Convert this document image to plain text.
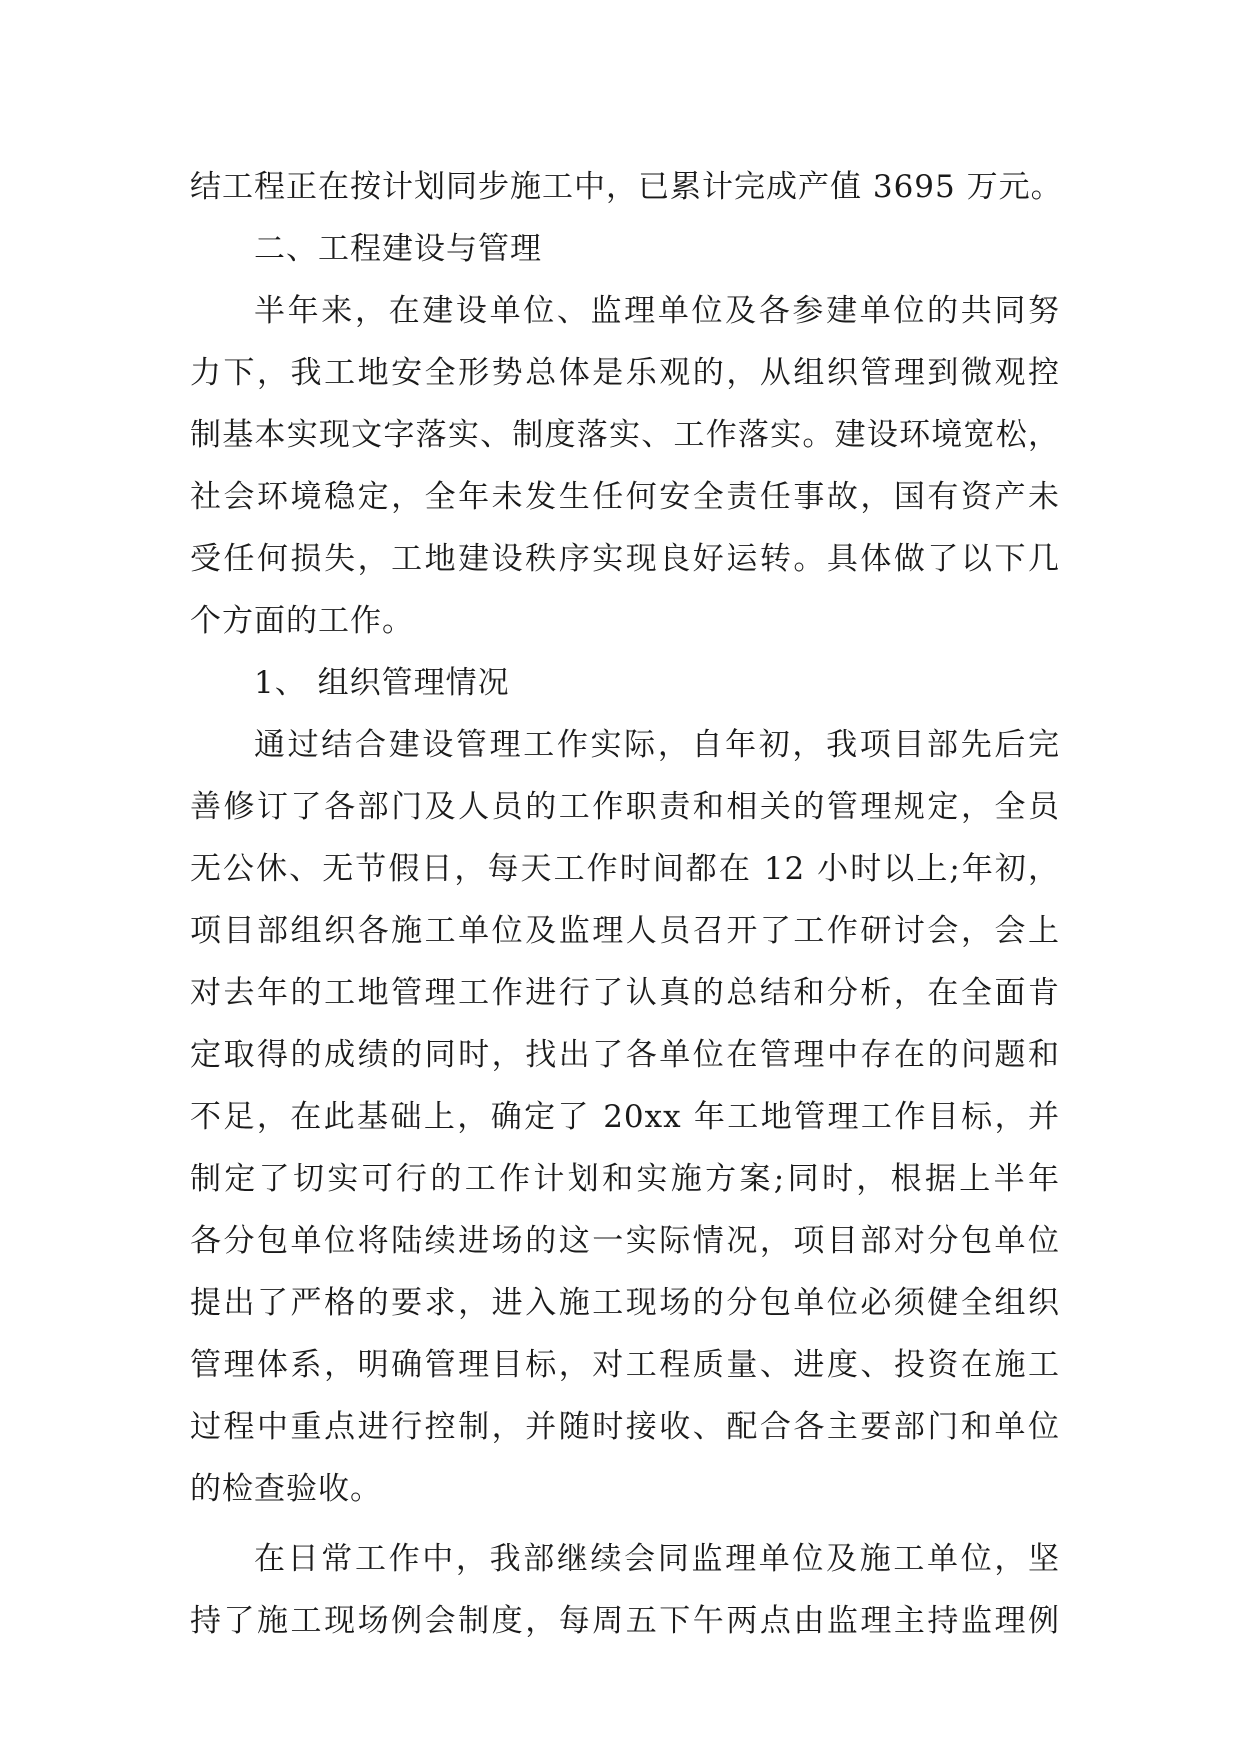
结工程正在按计划同步施工中，已累计完成产值 3695 万元。
二、工程建设与管理
半年来，在建设单位、监理单位及各参建单位的共同努
力下，我工地安全形势总体是乐观的，从组织管理到微观控
制基本实现文字落实、制度落实、工作落实。建设环境宽松，
社会环境稳定，全年未发生任何安全责任事故，国有资产未
受任何损失，工地建设秩序实现良好运转。具体做了以下几
个方面的工作。
1、 组织管理情况
通过结合建设管理工作实际，自年初，我项目部先后完
善修订了各部门及人员的工作职责和相关的管理规定，全员
无公休、无节假日，每天工作时间都在 12 小时以上;年初，
项目部组织各施工单位及监理人员召开了工作研讨会，会上
对去年的工地管理工作进行了认真的总结和分析，在全面肯
定取得的成绩的同时，找出了各单位在管理中存在的问题和
不足，在此基础上，确定了 20xx 年工地管理工作目标，并
制定了切实可行的工作计划和实施方案;同时，根据上半年
各分包单位将陆续进场的这一实际情况，项目部对分包单位
提出了严格的要求，进入施工现场的分包单位必须健全组织
管理体系，明确管理目标，对工程质量、进度、投资在施工
过程中重点进行控制，并随时接收、配合各主要部门和单位
的检查验收。
在日常工作中，我部继续会同监理单位及施工单位，坚
持了施工现场例会制度，每周五下午两点由监理主持监理例
